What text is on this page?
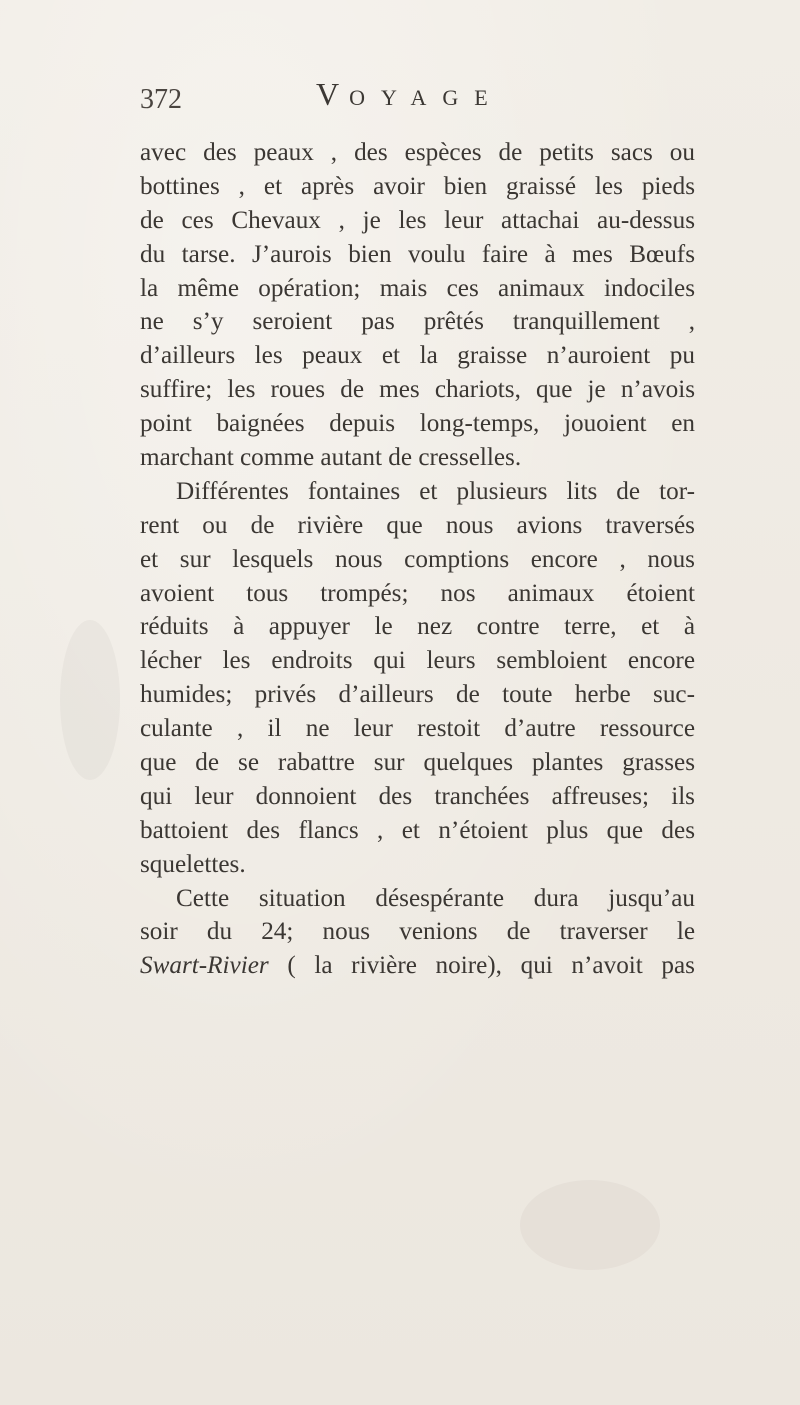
372	VOYAGE
avec des peaux , des espèces de petits sacs ou
bottines , et après avoir bien graissé les pieds
de ces Chevaux , je les leur attachai au-dessus
du tarse. J’aurois bien voulu faire à mes Bœufs
la même opération; mais ces animaux indociles
ne s’y seroient pas prêtés tranquillement ,
d’ailleurs les peaux et la graisse n’auroient pu
suffire; les roues de mes chariots, que je n’avois
point baignées depuis long-temps, jouoient en
marchant comme autant de cresselles.
Différentes fontaines et plusieurs lits de tor-
rent ou de rivière que nous avions traversés
et sur lesquels nous comptions encore , nous
avoient tous trompés; nos animaux étoient
réduits à appuyer le nez contre terre, et à
lécher les endroits qui leurs sembloient encore
humides; privés d’ailleurs de toute herbe suc-
culante , il ne leur restoit d’autre ressource
que de se rabattre sur quelques plantes grasses
qui leur donnoient des tranchées affreuses; ils
battoient des flancs , et n’étoient plus que des
squelettes.
Cette situation désespérante dura jusqu’au
soir du 24; nous venions de traverser le
Swart-Rivier ( la rivière noire), qui n’avoit pas
